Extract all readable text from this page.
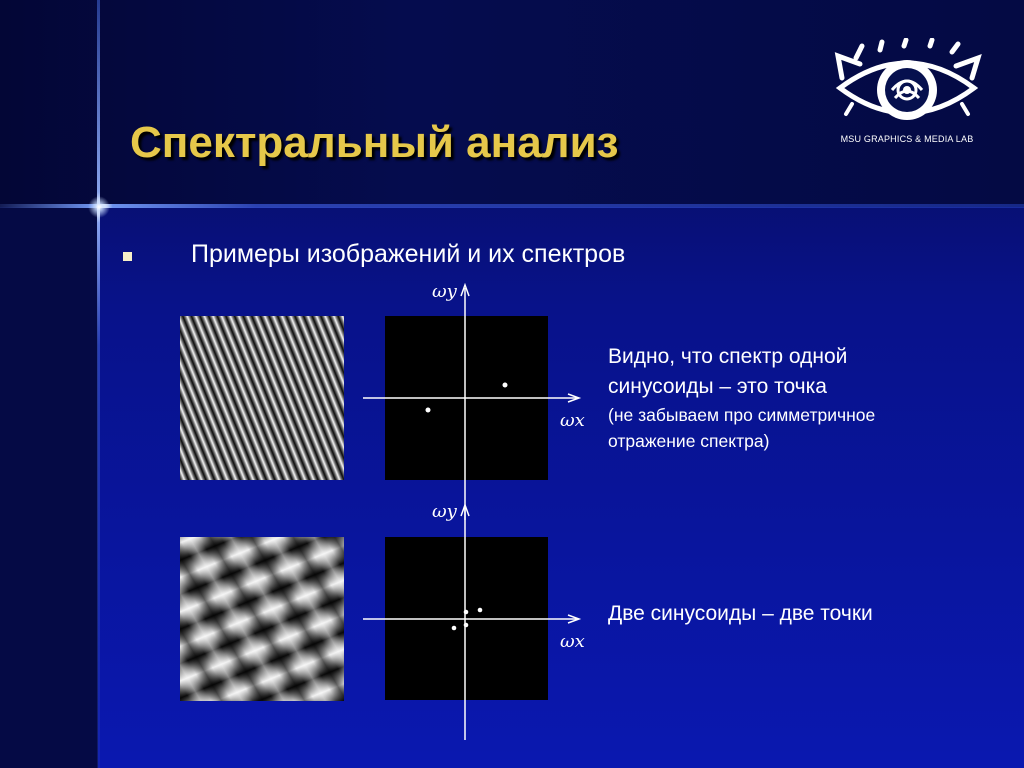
Спектральный анализ	MSU GRAPHICS & MEDIA LAB
Примеры изображений и их спектров
ωy
ωx
Видно, что спектр одной
синусоиды – это точка
(не забываем про симметричное
отражение спектра)
ωy
ωx
Две синусоиды – две точки
